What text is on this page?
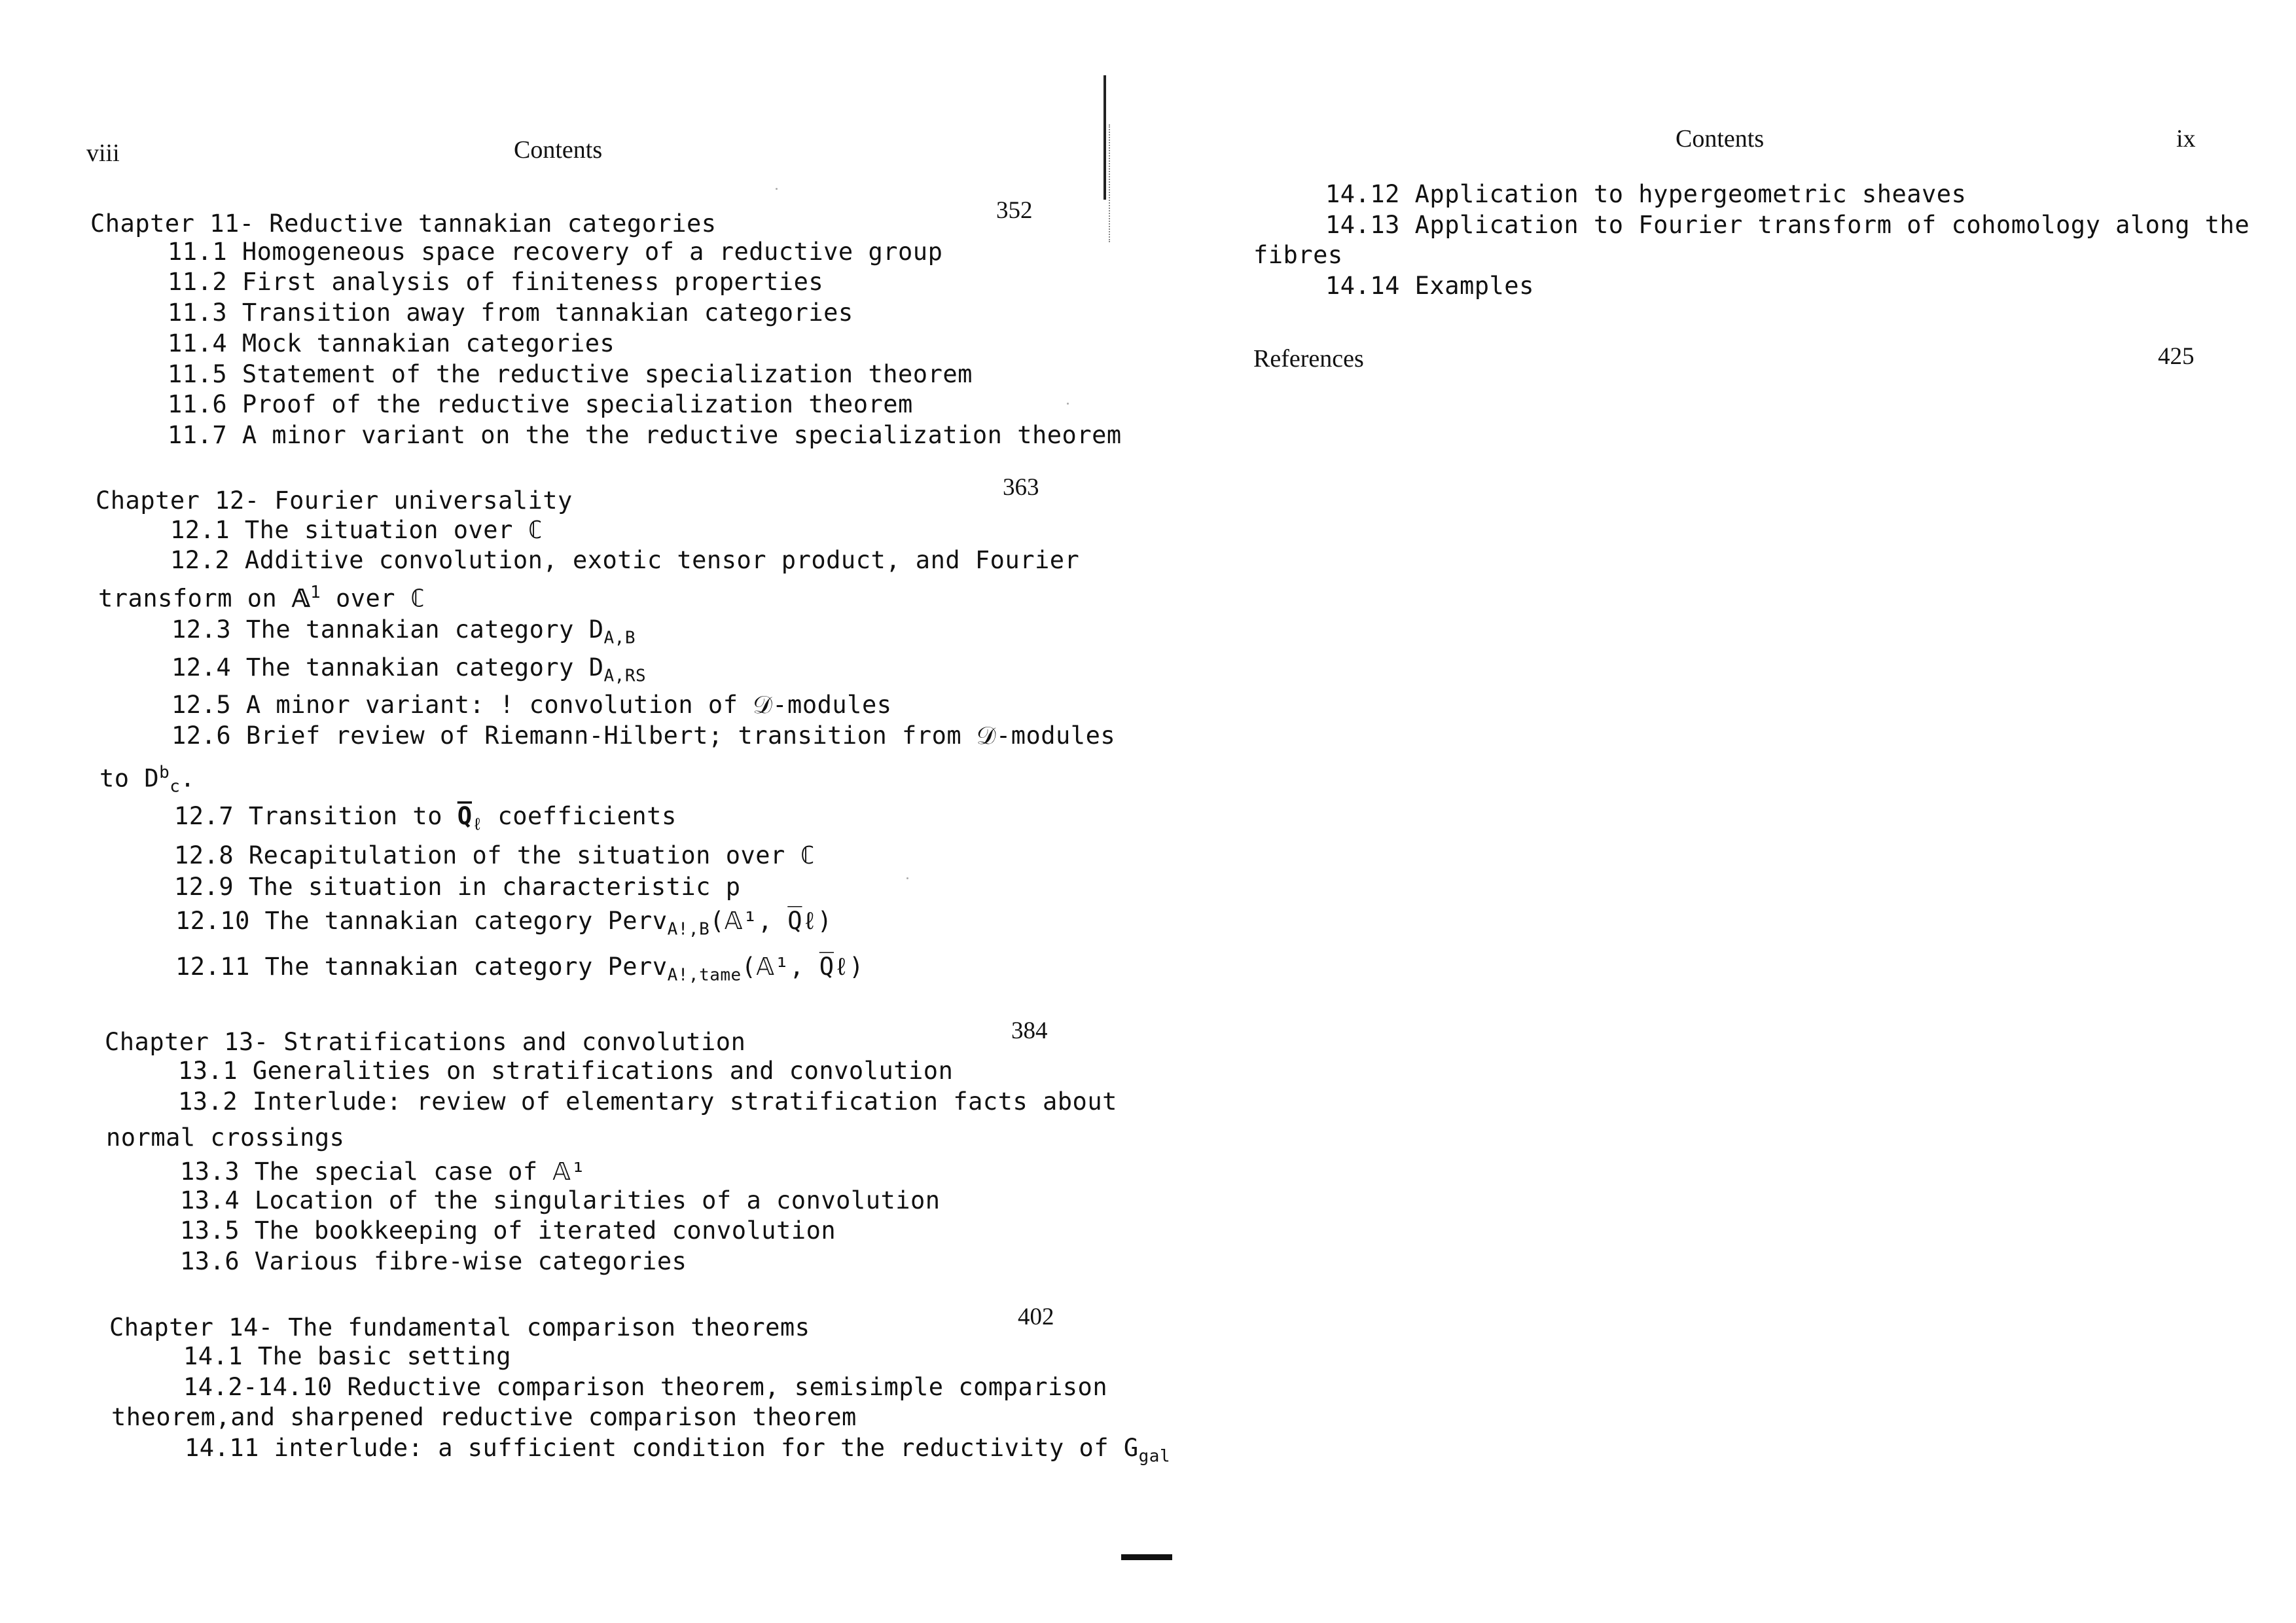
viii	Contents
Chapter 11- Reductive tannakian categories	352
11.1 Homogeneous space recovery of a reductive group
11.2 First analysis of finiteness properties
11.3 Transition away from tannakian categories
11.4 Mock tannakian categories
11.5 Statement of the reductive specialization theorem
11.6 Proof of the reductive specialization theorem
11.7 A minor variant on the the reductive specialization theorem
Chapter 12- Fourier universality	363
12.1 The situation over ℂ
12.2 Additive convolution, exotic tensor product, and Fourier
transform on 𝔸$^1$ over ℂ
12.3 The tannakian category $D_{A,B}$
12.4 The tannakian category $D_{A,RS}$
12.5 A minor variant: ! convolution of 𝒟-modules
12.6 Brief review of Riemann-Hilbert; transition from 𝒟-modules
to $D^b_c$.
12.7 Transition to $Q̅_\ell$ coefficients
12.8 Recapitulation of the situation over ℂ
12.9 The situation in characteristic p
12.10 The tannakian category Perv$_{A!,B}$(𝔸¹, Q̅ℓ)
12.11 The tannakian category Perv$_{A!,tame}$(𝔸¹, Q̅ℓ)
Chapter 13- Stratifications and convolution	384
13.1 Generalities on stratifications and convolution
13.2 Interlude: review of elementary stratification facts about
normal crossings
13.3 The special case of 𝔸¹
13.4 Location of the singularities of a convolution
13.5 The bookkeeping of iterated convolution
13.6 Various fibre-wise categories
Chapter 14- The fundamental comparison theorems	402
14.1 The basic setting
14.2-14.10 Reductive comparison theorem, semisimple comparison
theorem,and sharpened reductive comparison theorem
14.11 interlude: a sufficient condition for the reductivity of $G_{gal}$
Contents	ix
14.12 Application to hypergeometric sheaves
14.13 Application to Fourier transform of cohomology along the
fibres
14.14 Examples
References	425
